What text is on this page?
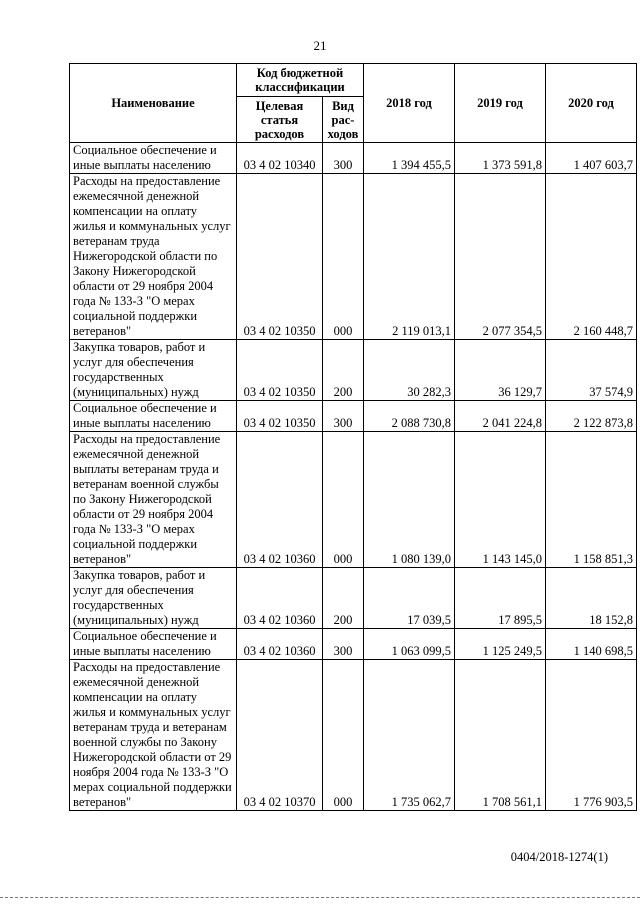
21
Наименование	Код бюджетной классификации		2018 год	2019 год	2020 год
	Целевая статья расходов	Вид рас-ходов			
Социальное обеспечение и иные выплаты населению	03 4 02 10340	300	1 394 455,5	1 373 591,8	1 407 603,7
Расходы на предоставление ежемесячной денежной компенсации на оплату жилья и коммунальных услуг ветеранам труда Нижегородской области по Закону Нижегородской области от 29 ноября 2004 года № 133-З "О мерах социальной поддержки ветеранов"	03 4 02 10350	000	2 119 013,1	2 077 354,5	2 160 448,7
Закупка товаров, работ и услуг для обеспечения государственных (муниципальных) нужд	03 4 02 10350	200	30 282,3	36 129,7	37 574,9
Социальное обеспечение и иные выплаты населению	03 4 02 10350	300	2 088 730,8	2 041 224,8	2 122 873,8
Расходы на предоставление ежемесячной денежной выплаты ветеранам труда и ветеранам военной службы по Закону Нижегородской области от 29 ноября 2004 года № 133-З "О мерах социальной поддержки ветеранов"	03 4 02 10360	000	1 080 139,0	1 143 145,0	1 158 851,3
Закупка товаров, работ и услуг для обеспечения государственных (муниципальных) нужд	03 4 02 10360	200	17 039,5	17 895,5	18 152,8
Социальное обеспечение и иные выплаты населению	03 4 02 10360	300	1 063 099,5	1 125 249,5	1 140 698,5
Расходы на предоставление ежемесячной денежной компенсации на оплату жилья и коммунальных услуг ветеранам труда и ветеранам военной службы по Закону Нижегородской области от 29 ноября 2004 года № 133-З "О мерах социальной поддержки ветеранов"	03 4 02 10370	000	1 735 062,7	1 708 561,1	1 776 903,5
0404/2018-1274(1)
